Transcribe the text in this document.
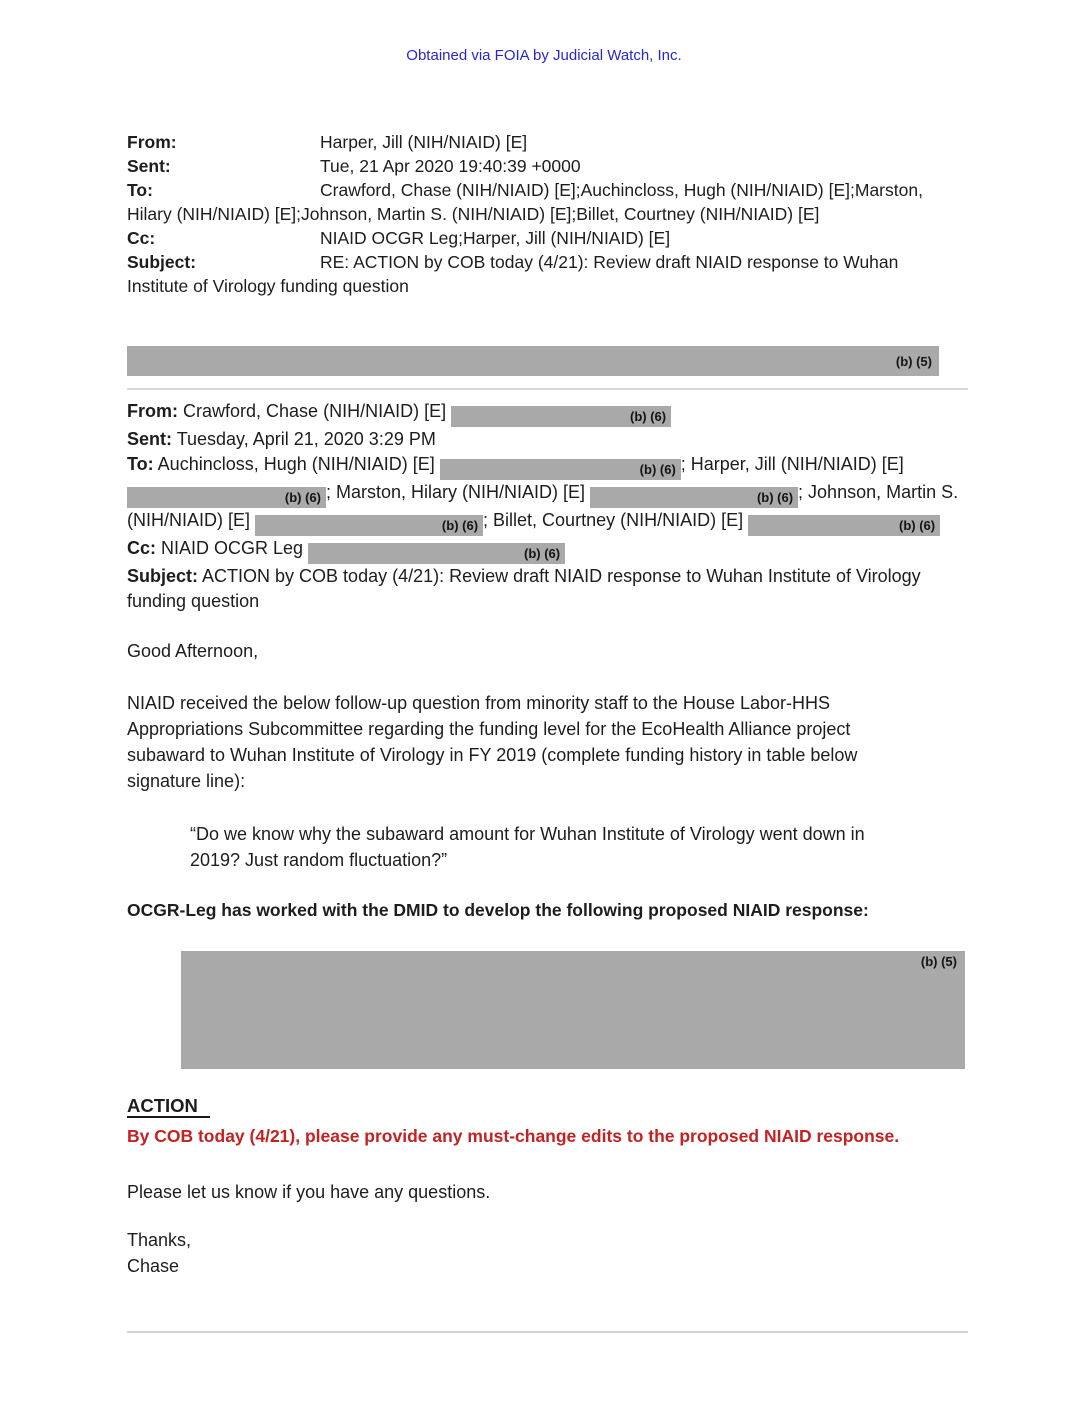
Obtained via FOIA by Judicial Watch, Inc.
From:	Harper, Jill (NIH/NIAID) [E]
Sent:	Tue, 21 Apr 2020 19:40:39 +0000
To:	Crawford, Chase (NIH/NIAID) [E];Auchincloss, Hugh (NIH/NIAID) [E];Marston, Hilary (NIH/NIAID) [E];Johnson, Martin S. (NIH/NIAID) [E];Billet, Courtney (NIH/NIAID) [E]
Cc:	NIAID OCGR Leg;Harper, Jill (NIH/NIAID) [E]
Subject:	RE: ACTION by COB today (4/21): Review draft NIAID response to Wuhan Institute of Virology funding question
(b) (5)
From: Crawford, Chase (NIH/NIAID) [E]	(b) (6)
Sent: Tuesday, April 21, 2020 3:29 PM
To: Auchincloss, Hugh (NIH/NIAID) [E]	(b) (6) ; Harper, Jill (NIH/NIAID) [E]
(b) (6) ; Marston, Hilary (NIH/NIAID) [E]	(b) (6) ; Johnson, Martin S.
(NIH/NIAID) [E]	(b) (6) ; Billet, Courtney (NIH/NIAID) [E]	(b) (6)
Cc: NIAID OCGR Leg	(b) (6)
Subject: ACTION by COB today (4/21): Review draft NIAID response to Wuhan Institute of Virology
funding question
Good Afternoon,
NIAID received the below follow-up question from minority staff to the House Labor-HHS
Appropriations Subcommittee regarding the funding level for the EcoHealth Alliance project
subaward to Wuhan Institute of Virology in FY 2019 (complete funding history in table below
signature line):
“Do we know why the subaward amount for Wuhan Institute of Virology went down in
2019? Just random fluctuation?”
OCGR-Leg has worked with the DMID to develop the following proposed NIAID response:
(b) (5)
ACTION
By COB today (4/21), please provide any must-change edits to the proposed NIAID response.
Please let us know if you have any questions.
Thanks,
Chase
